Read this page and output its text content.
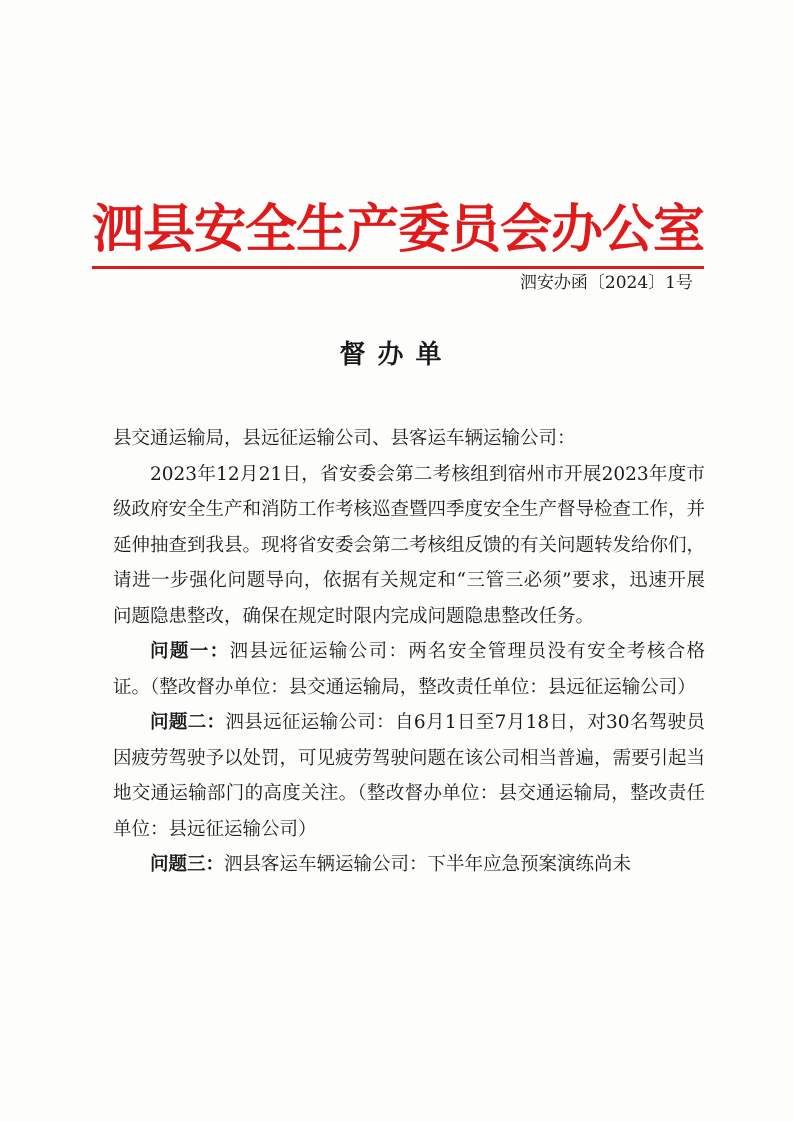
泗县安全生产委员会办公室
泗安办函〔2024〕1号
督办单

县交通运输局，县远征运输公司、县客运车辆运输公司：

2023年12月21日，省安委会第二考核组到宿州市开展2023年度市级政府安全生产和消防工作考核巡查暨四季度安全生产督导检查工作，并延伸抽查到我县。现将省安委会第二考核组反馈的有关问题转发给你们，请进一步强化问题导向，依据有关规定和“三管三必须”要求，迅速开展问题隐患整改，确保在规定时限内完成问题隐患整改任务。

问题一：泗县远征运输公司：两名安全管理员没有安全考核合格证。（整改督办单位：县交通运输局，整改责任单位：县远征运输公司）

问题二：泗县远征运输公司：自6月1日至7月18日，对30名驾驶员因疲劳驾驶予以处罚，可见疲劳驾驶问题在该公司相当普遍，需要引起当地交通运输部门的高度关注。（整改督办单位：县交通运输局，整改责任单位：县远征运输公司）

问题三：泗县客运车辆运输公司：下半年应急预案演练尚未
